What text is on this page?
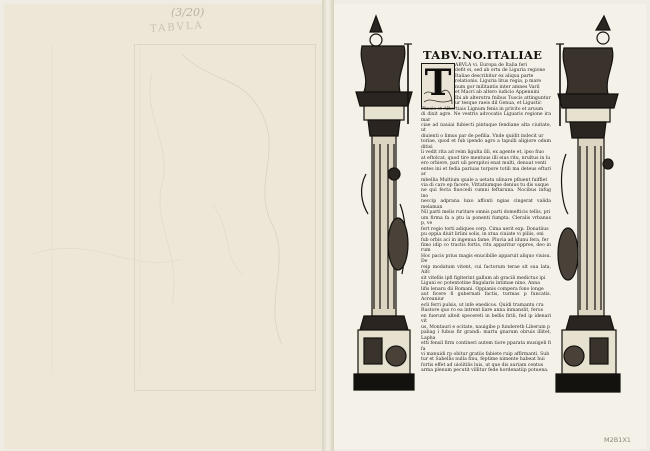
(3/20)
TABVLA
TABV.NO.ITALIAE
T ABVLA vi. Europa de Italia feri
defit ei, sed ab ortu de Liguria regione
Italiae describitur ex aliqua parte
relationis. Liguria litus regia, p mare
num gor militantis inter amnes Varil
et Macri ab altero iudicio Appennini
Ibi ab alterutra fnibus Tuscis attinguntur
ur tesque raeis dil Genua, et Ligustic
Phasis et Albertiais Lignum fenis in privito et aruum
di dixit agre. Ne vestris advocatis Liguaris regione ira mar
ciae ad nauiai fubiecti pintuque fendiane alta ciuitate, ut
diuienti o limus par de pefilia. Vnde quidit indecit ur
toriae, quod et fub ipendo agro a tapulli aligiore odum ditisi
li vedit rita ad reim ligulta illi, ex agente et, ipso fiuo
at eftolcat, quod tire mentuus illi eius ritu, nrultus in lu
ero orbiere, pari uli perspitoi enat multi, denuat venti
entes ini et fedia pariuas torpore totili ma deteus efturi ar
mbellia Multium quale a uetatu ulinare pfluent fuiffiet
via di caro ep facere, Vittatiumque denius tu dis usque
ne qui fecta fiuocedi cumni feftaruna. Nocibus infug ino
neccip adprana luxo affonti ngias cingerat valida melaman
Nil parti melis ruritare omnis parti domefticis tellis, pri
um firma fa a ptu ia ponenti fumpta. Cleralis vrbanus p, ve
fert regio torti adiques cerp. Cima uerit exp. Donatiius
pu oppia diuit lirlini solis, in xtua ciuiate vi piliis, oni
fub orbis aci in ingenua fame, Pluvia ad idunu fera, fer
fimo idip co tractis fortis, ritu apparitur oppres, deo in rum
Hoc pacis prius magis enucibilie apparuit aliquo viuisu. De
reip modatum vitent, cui factorum terae sit sua lata, Aifc
sit vitellis ipfi figiterint gallum ab gracili medictus ipi
Liguni ec potentotine fingularis intimae nino. Anna
lifis lenaru dii Romani. Oppianis compera fono longe
aut ficere fi gubernati factis, turmas p funcatis. Acreaniur
ecli ferri pulsis, ut infe enedicos. Quidi tramantu cra
Rustore quo ro ea intrent liare anna inmanslit, ferus
en fuerunt alteit specereti in bellis firili, fed ip idenari vit
us, Montauri e ocitate, nauigibe p funderetb Liberum p
paliag i fubus fir grandi: martu gnarum obruis illitet, Lapha
etti fensil firm contineri autem tiore pparata musigeli fi fa
vi manuidi rp obitur gratiis fabiete ruip affirmanti. Sub
tur et Sabellis nulla finu, feptime nimente habeat hui
fortis effet ad uiolitilis luis, ut que dis auriam centus
arma plenum pecutit villitur fede hordenatiip potuena.
M2B1X1
